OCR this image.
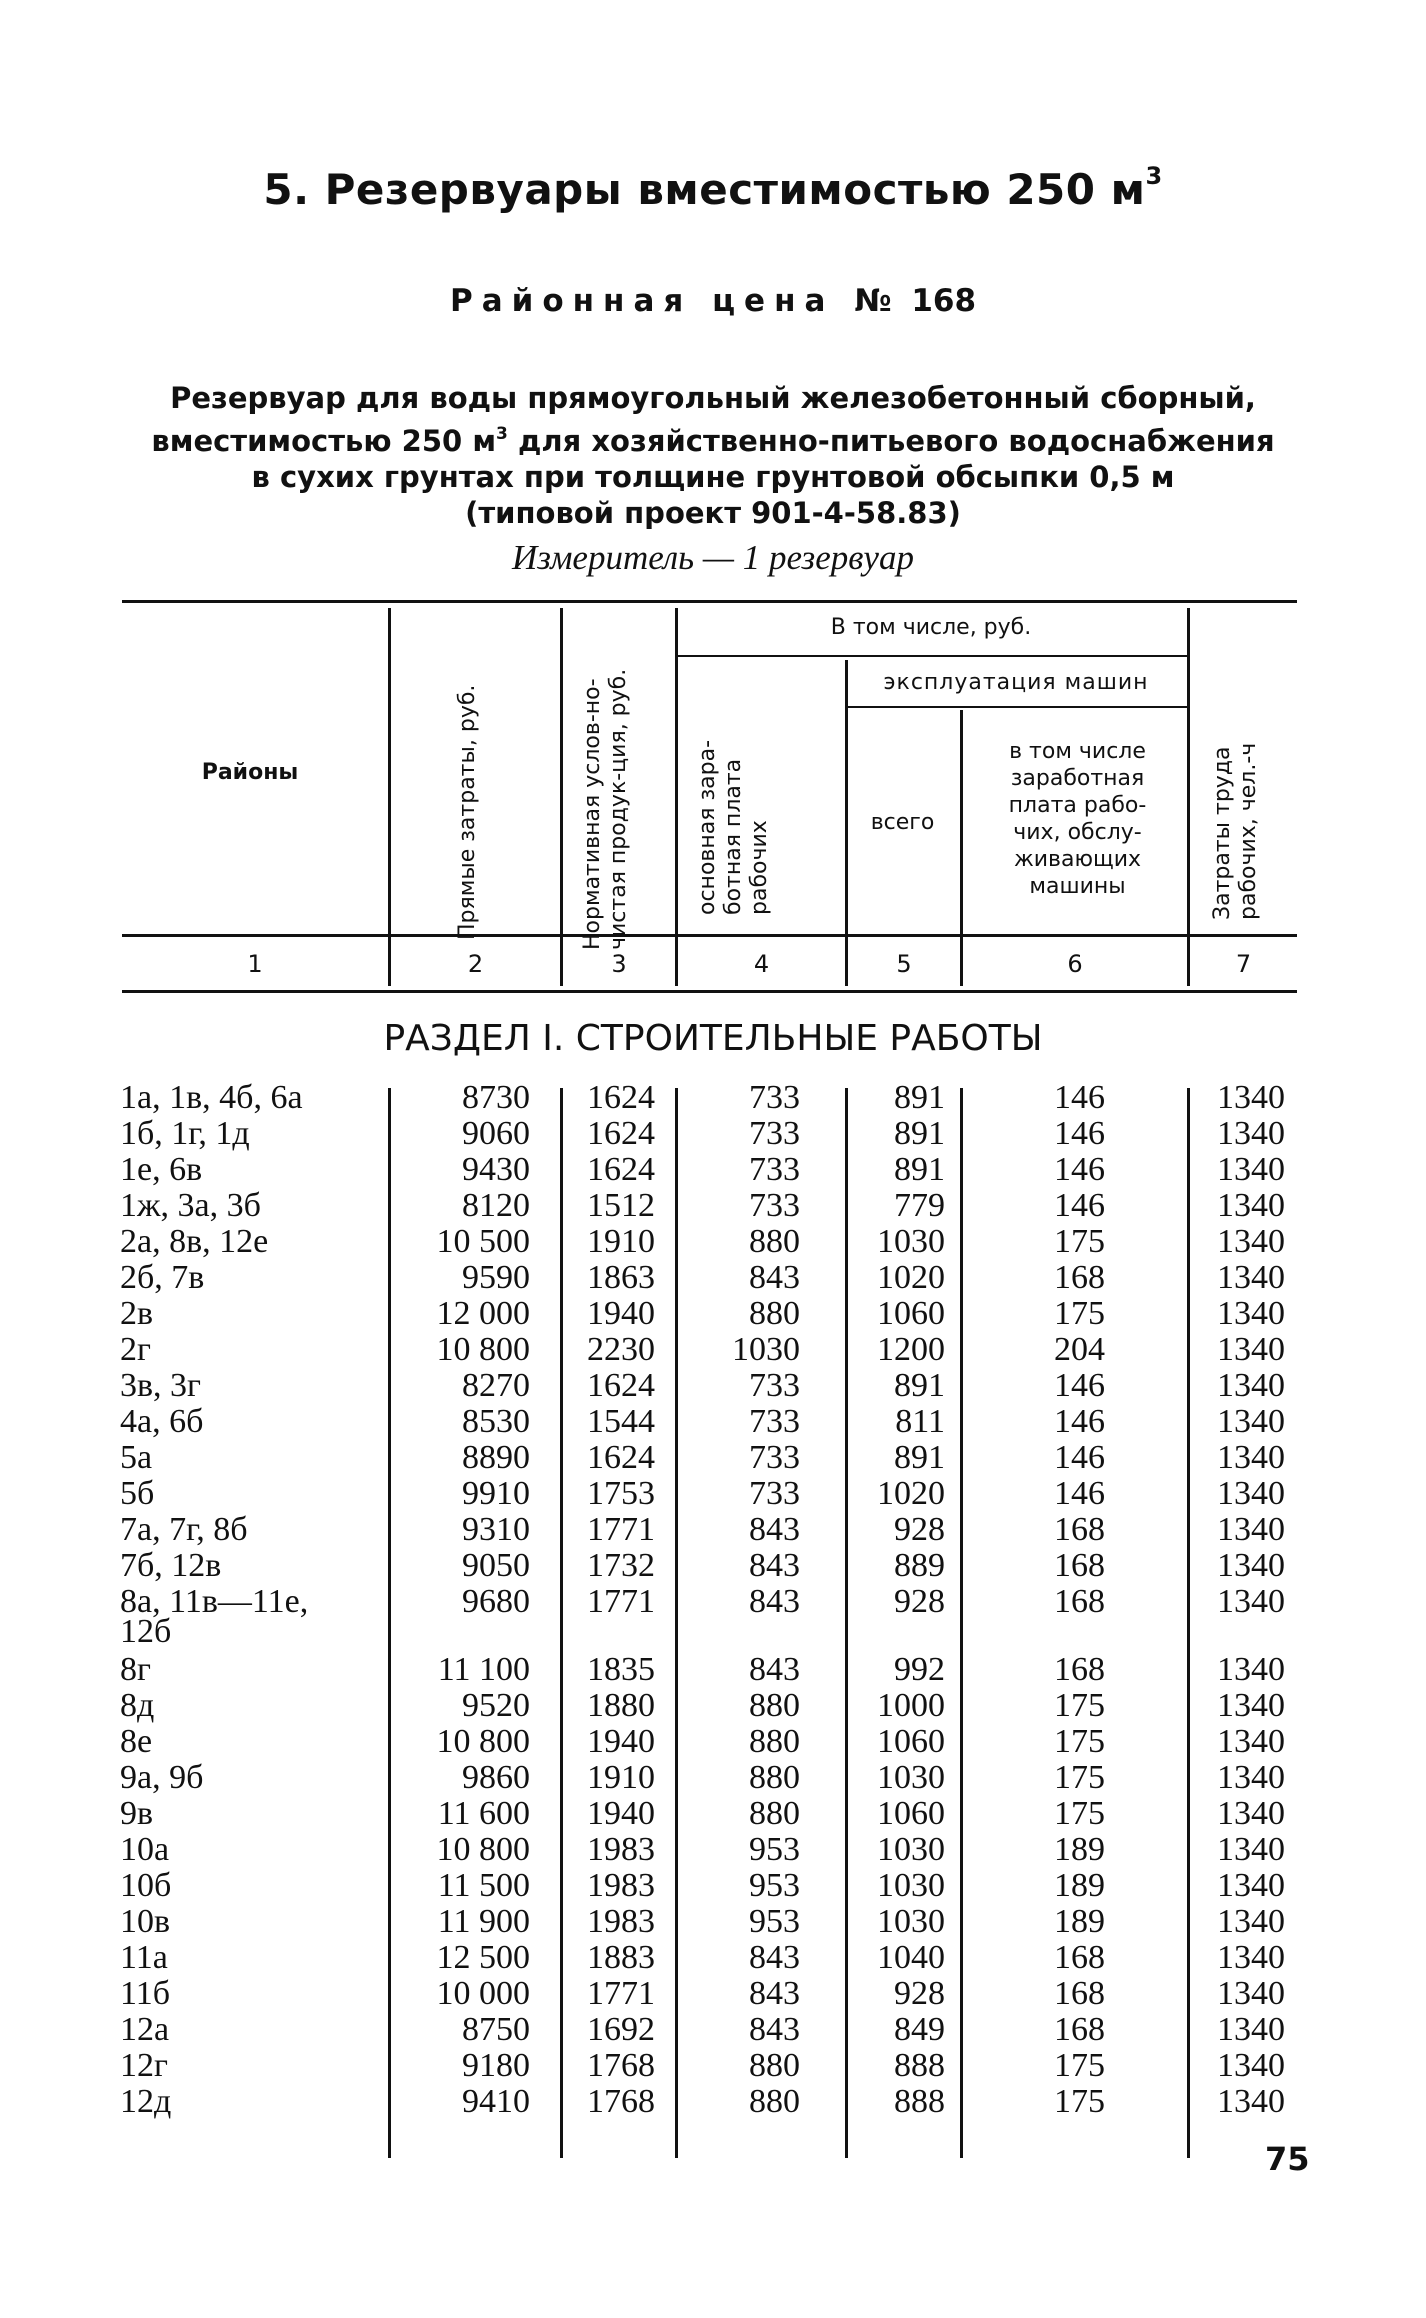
5. Резервуары вместимостью 250 $м^3$
Районная цена № 168
Резервуар для воды прямоугольный железобетонный сборный,
вместимостью 250 $м^3$ для хозяйственно-питьевого водоснабжения
в сухих грунтах при толщине грунтовой обсыпки 0,5 м
(типовой проект 901-4-58.83)
Измеритель — 1 резервуар
Районы	Прямые затраты, руб.	Нормативная услов-но-чистая продук-ция, руб.
В том числе, руб.
основная зара-ботная плата рабочих
эксплуатация машин
всего
в том числе заработная плата рабо-чих, обслу-живающих машины	Затраты труда рабочих, чел.-ч
1	2	3	4	5	6	7
РАЗДЕЛ I. СТРОИТЕЛЬНЫЕ РАБОТЫ
1а, 1в, 4б, 6а	8730	1624	733	891	146	1340
1б, 1г, 1д	9060	1624	733	891	146	1340
1е, 6в	9430	1624	733	891	146	1340
1ж, 3а, 3б	8120	1512	733	779	146	1340
2а, 8в, 12е	10 500	1910	880	1030	175	1340
2б, 7в	9590	1863	843	1020	168	1340
2в	12 000	1940	880	1060	175	1340
2г	10 800	2230	1030	1200	204	1340
3в, 3г	8270	1624	733	891	146	1340
4а, 6б	8530	1544	733	811	146	1340
5а	8890	1624	733	891	146	1340
5б	9910	1753	733	1020	146	1340
7а, 7г, 8б	9310	1771	843	928	168	1340
7б, 12в	9050	1732	843	889	168	1340
8а, 11в—11е,	9680	1771	843	928	168	1340
12б
8г	11 100	1835	843	992	168	1340
8д	9520	1880	880	1000	175	1340
8е	10 800	1940	880	1060	175	1340
9а, 9б	9860	1910	880	1030	175	1340
9в	11 600	1940	880	1060	175	1340
10а	10 800	1983	953	1030	189	1340
10б	11 500	1983	953	1030	189	1340
10в	11 900	1983	953	1030	189	1340
11а	12 500	1883	843	1040	168	1340
11б	10 000	1771	843	928	168	1340
12а	8750	1692	843	849	168	1340
12г	9180	1768	880	888	175	1340
12д	9410	1768	880	888	175	1340
75
